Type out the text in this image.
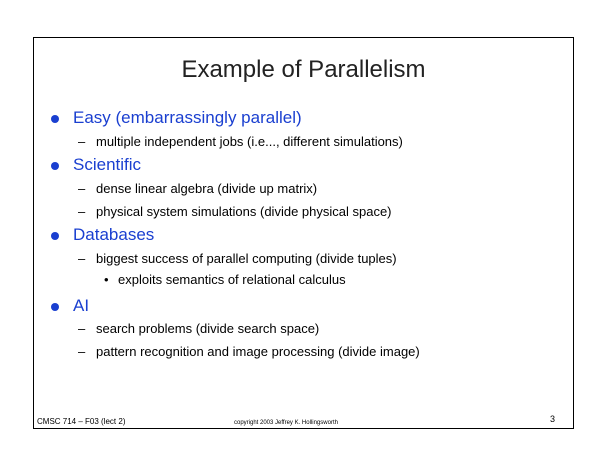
Example of Parallelism
Easy (embarrassingly parallel)
– multiple independent jobs (i.e..., different simulations)
Scientific
– dense linear algebra (divide up matrix)
– physical system simulations (divide physical space)
Databases
– biggest success of parallel computing (divide tuples)
• exploits semantics of relational calculus
AI
– search problems (divide search space)
– pattern recognition and image processing (divide image)
CMSC 714 – F03 (lect 2)	copyright 2003 Jeffrey K. Hollingsworth	3
